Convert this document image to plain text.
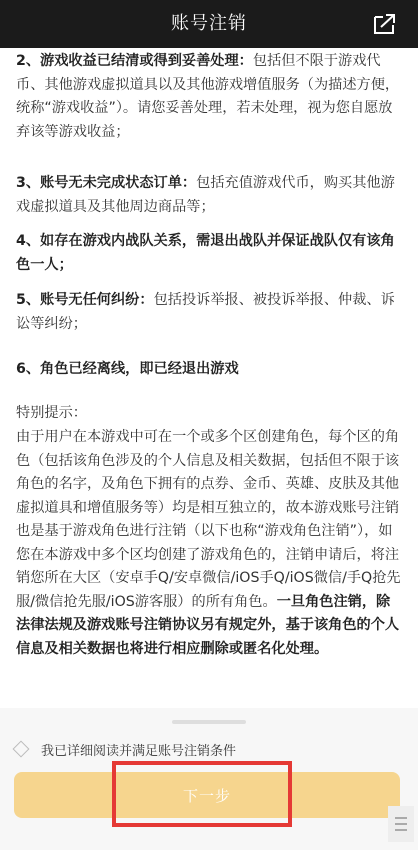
账号注销

2、游戏收益已结清或得到妥善处理：包括但不限于游戏代币、其他游戏虚拟道具以及其他游戏增值服务（为描述方便，统称“游戏收益”）。请您妥善处理，若未处理，视为您自愿放弃该等游戏收益；

3、账号无未完成状态订单：包括充值游戏代币，购买其他游戏虚拟道具及其他周边商品等；

4、如存在游戏内战队关系，需退出战队并保证战队仅有该角色一人；

5、账号无任何纠纷：包括投诉举报、被投诉举报、仲裁、诉讼等纠纷；

6、角色已经离线，即已经退出游戏

特别提示：

由于用户在本游戏中可在一个或多个区创建角色，每个区的角色（包括该角色涉及的个人信息及相关数据，包括但不限于该角色的名字，及角色下拥有的点券、金币、英雄、皮肤及其他虚拟道具和增值服务等）均是相互独立的，故本游戏账号注销也是基于游戏角色进行注销（以下也称“游戏角色注销”），如您在本游戏中多个区均创建了游戏角色的，注销申请后，将注销您所在大区（安卓手Q/安卓微信/iOS手Q/iOS微信/手Q抢先服/微信抢先服/iOS游客服）的所有角色。一旦角色注销，除法律法规及游戏账号注销协议另有规定外，基于该角色的个人信息及相关数据也将进行相应删除或匿名化处理。

我已详细阅读并满足账号注销条件
下一步
